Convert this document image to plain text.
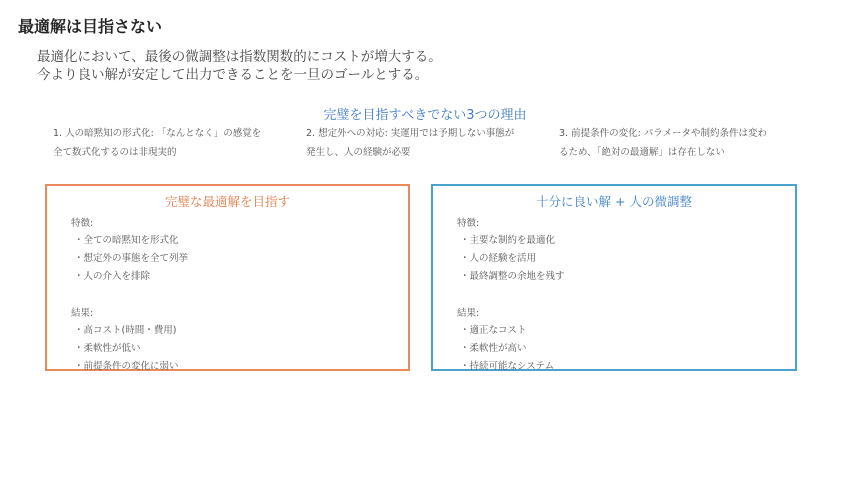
最適解は目指さない
最適化において、最後の微調整は指数関数的にコストが増大する。
今より良い解が安定して出力できることを一旦のゴールとする。
完璧を目指すべきでない3つの理由
1. 人の暗黙知の形式化: 「なんとなく」の感覚を
全て数式化するのは非現実的
2. 想定外への対応: 実運用では予期しない事態が
発生し、人の経験が必要
3. 前提条件の変化: パラメータや制約条件は変わ
るため、「絶対の最適解」は存在しない
完璧な最適解を目指す
特徴:
・ 全ての暗黙知を形式化
・ 想定外の事態を全て列挙
・ 人の介入を排除
結果:
・ 高コスト(時間・費用)
・ 柔軟性が低い
・ 前提条件の変化に弱い
十分に良い解 + 人の微調整
特徴:
・ 主要な制約を最適化
・ 人の経験を活用
・ 最終調整の余地を残す
結果:
・ 適正なコスト
・ 柔軟性が高い
・ 持続可能なシステム
